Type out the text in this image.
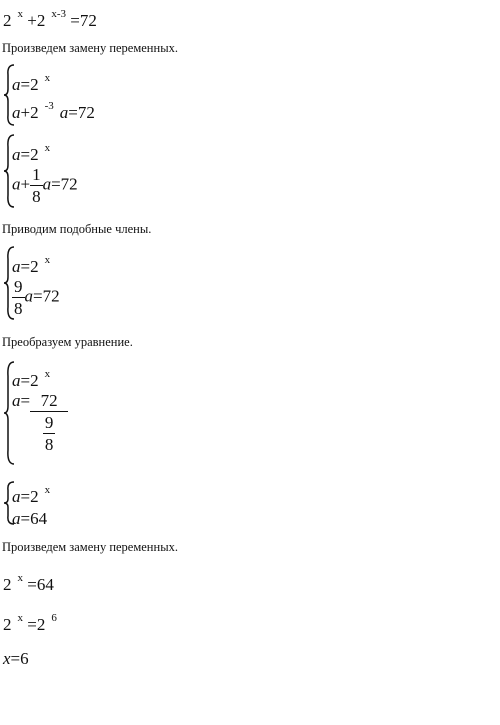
2 $^x$ +2 $^{x-3}$ =72
Произведем замену переменных.
a=2 $^x$
a+2 $^{-3}$ a=72
a=2 $^x$
$a+ \frac{1}{8} a=72$
Приводим подобные члены.
a=2 $^x$
$\frac{9}{8} a=72$
Преобразуем уравнение.
a=2 $^x$
$a= \frac{72}{\frac{9}{8}}$
a=2 $^x$
a=64
Произведем замену переменных.
2 $^x$ =64
2 $^x$ =2 $^6$
x=6
